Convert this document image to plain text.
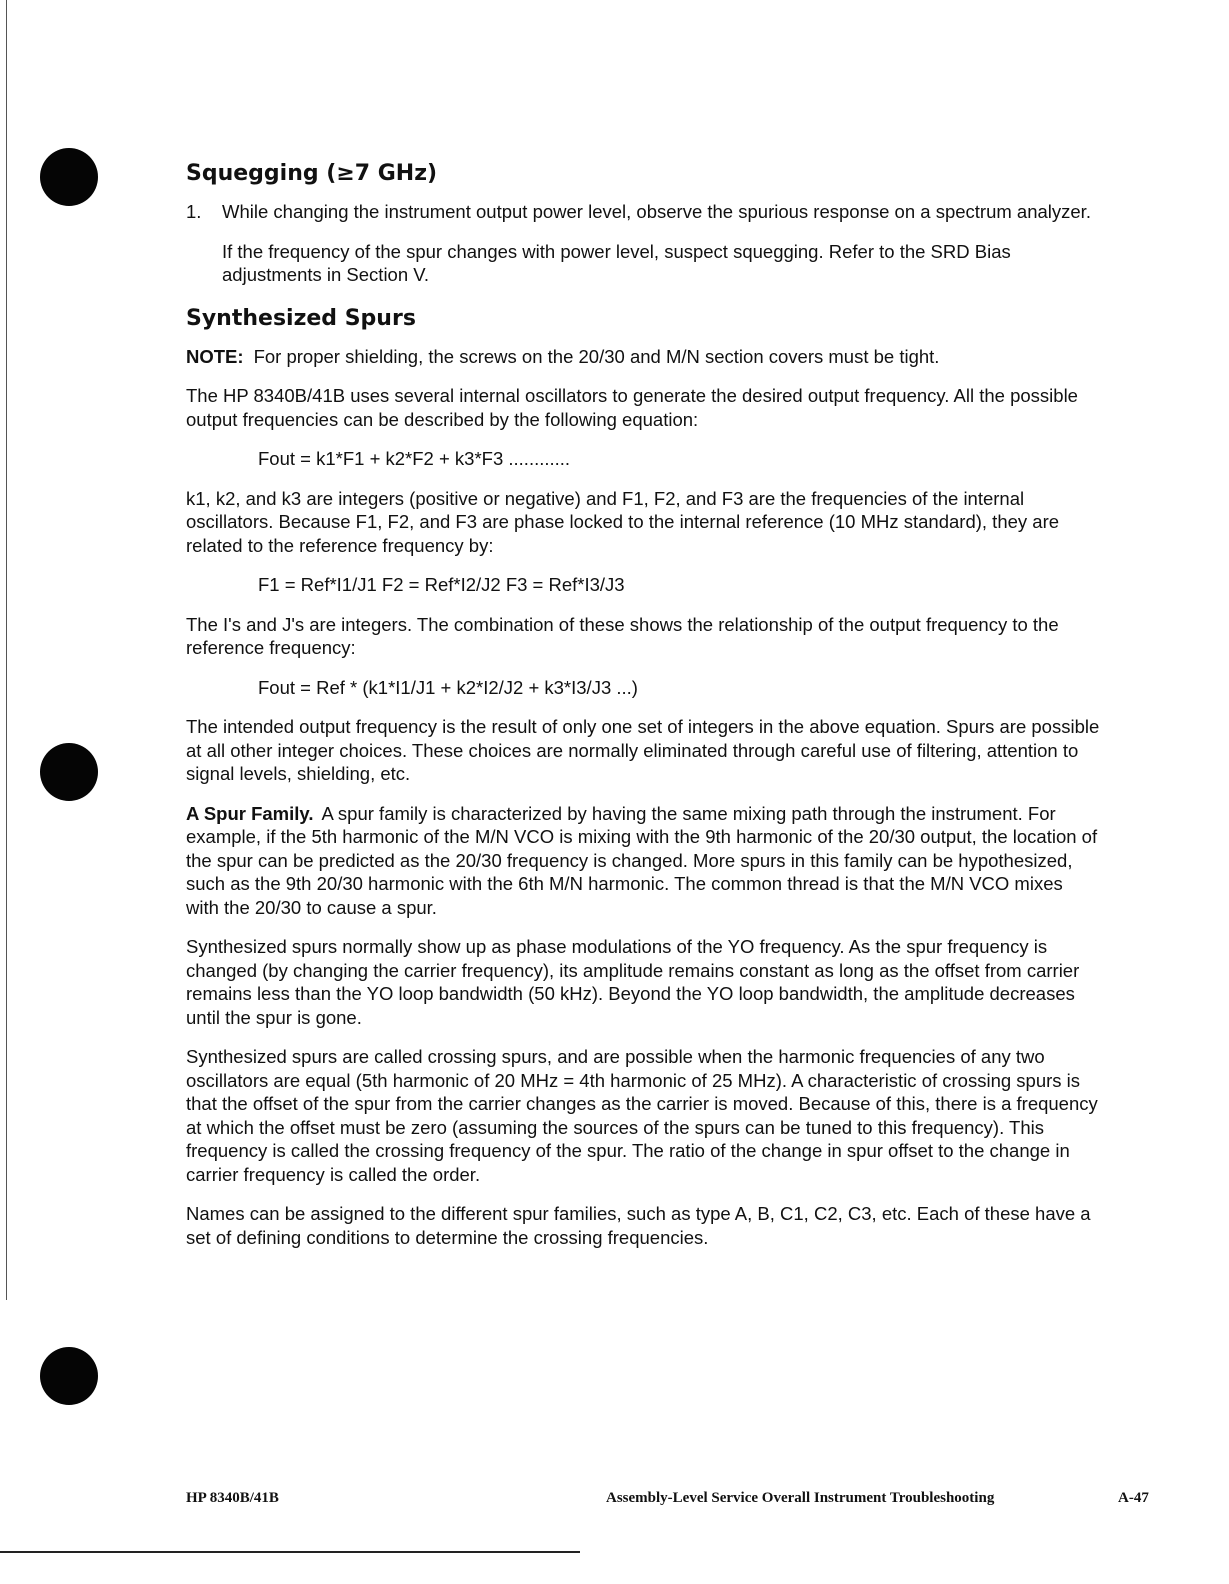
Squegging (≥7 GHz)
1.	While changing the instrument output power level, observe the spurious response on a spectrum analyzer.

If the frequency of the spur changes with power level, suspect squegging. Refer to the SRD Bias adjustments in Section V.

Synthesized Spurs

NOTE: For proper shielding, the screws on the 20/30 and M/N section covers must be tight.

The HP 8340B/41B uses several internal oscillators to generate the desired output frequency. All the possible output frequencies can be described by the following equation:

Fout = k1*F1 + k2*F2 + k3*F3 ............

k1, k2, and k3 are integers (positive or negative) and F1, F2, and F3 are the frequencies of the internal oscillators. Because F1, F2, and F3 are phase locked to the internal reference (10 MHz standard), they are related to the reference frequency by:

F1 = Ref*I1/J1 F2 = Ref*I2/J2 F3 = Ref*I3/J3

The I's and J's are integers. The combination of these shows the relationship of the output frequency to the reference frequency:

Fout = Ref * (k1*I1/J1 + k2*I2/J2 + k3*I3/J3 ...)

The intended output frequency is the result of only one set of integers in the above equation. Spurs are possible at all other integer choices. These choices are normally eliminated through careful use of filtering, attention to signal levels, shielding, etc.

A Spur Family. A spur family is characterized by having the same mixing path through the instrument. For example, if the 5th harmonic of the M/N VCO is mixing with the 9th harmonic of the 20/30 output, the location of the spur can be predicted as the 20/30 frequency is changed. More spurs in this family can be hypothesized, such as the 9th 20/30 harmonic with the 6th M/N harmonic. The common thread is that the M/N VCO mixes with the 20/30 to cause a spur.

Synthesized spurs normally show up as phase modulations of the YO frequency. As the spur frequency is changed (by changing the carrier frequency), its amplitude remains constant as long as the offset from carrier remains less than the YO loop bandwidth (50 kHz). Beyond the YO loop bandwidth, the amplitude decreases until the spur is gone.

Synthesized spurs are called crossing spurs, and are possible when the harmonic frequencies of any two oscillators are equal (5th harmonic of 20 MHz = 4th harmonic of 25 MHz). A characteristic of crossing spurs is that the offset of the spur from the carrier changes as the carrier is moved. Because of this, there is a frequency at which the offset must be zero (assuming the sources of the spurs can be tuned to this frequency). This frequency is called the crossing frequency of the spur. The ratio of the change in spur offset to the change in carrier frequency is called the order.

Names can be assigned to the different spur families, such as type A, B, C1, C2, C3, etc. Each of these have a set of defining conditions to determine the crossing frequencies.

HP 8340B/41B	Assembly-Level Service Overall Instrument Troubleshooting	A-47
